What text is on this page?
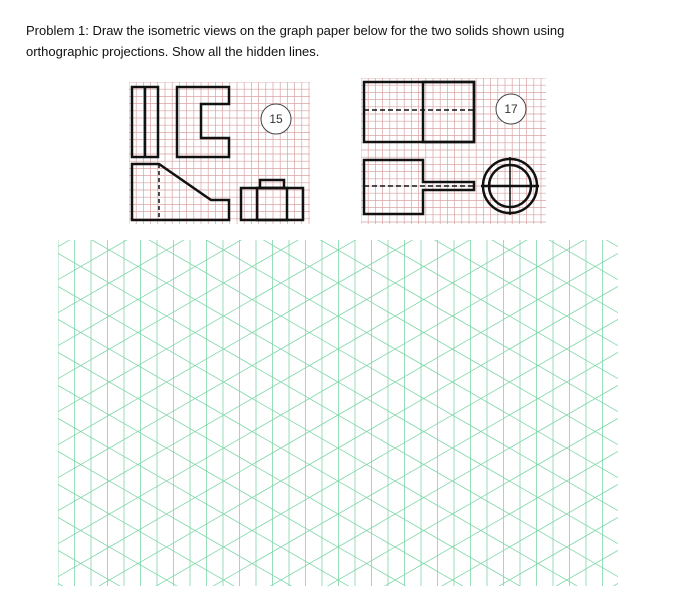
Problem 1: Draw the isometric views on the graph paper below for the two solids shown using
orthographic projections. Show all the hidden lines.
15
17
